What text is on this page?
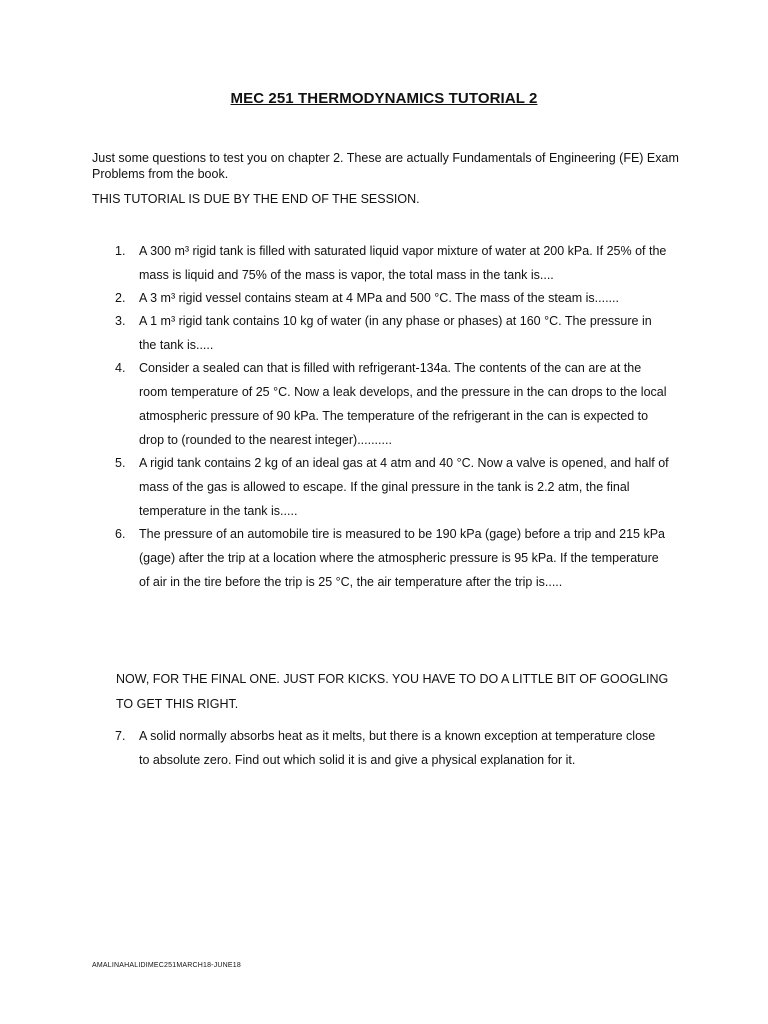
MEC 251 THERMODYNAMICS TUTORIAL 2
Just some questions to test you on chapter 2. These are actually Fundamentals of Engineering (FE) Exam Problems from the book.
THIS TUTORIAL IS DUE BY THE END OF THE SESSION.
1. A 300 m³ rigid tank is filled with saturated liquid vapor mixture of water at 200 kPa. If 25% of the mass is liquid and 75% of the mass is vapor, the total mass in the tank is....
2. A 3 m³ rigid vessel contains steam at 4 MPa and 500 °C. The mass of the steam is.......
3. A 1 m³ rigid tank contains 10 kg of water (in any phase or phases) at 160 °C. The pressure in the tank is.....
4. Consider a sealed can that is filled with refrigerant-134a. The contents of the can are at the room temperature of 25 °C. Now a leak develops, and the pressure in the can drops to the local atmospheric pressure of 90 kPa. The temperature of the refrigerant in the can is expected to drop to (rounded to the nearest integer)..........
5. A rigid tank contains 2 kg of an ideal gas at 4 atm and 40 °C. Now a valve is opened, and half of mass of the gas is allowed to escape. If the ginal pressure in the tank is 2.2 atm, the final temperature in the tank is.....
6. The pressure of an automobile tire is measured to be 190 kPa (gage) before a trip and 215 kPa (gage) after the trip at a location where the atmospheric pressure is 95 kPa. If the temperature of air in the tire before the trip is 25 °C, the air temperature after the trip is.....
NOW, FOR THE FINAL ONE. JUST FOR KICKS. YOU HAVE TO DO A LITTLE BIT OF GOOGLING TO GET THIS RIGHT.
7. A solid normally absorbs heat as it melts, but there is a known exception at temperature close to absolute zero. Find out which solid it is and give a physical explanation for it.
AMALINAHALIDIMEC251MARCH18-JUNE18
